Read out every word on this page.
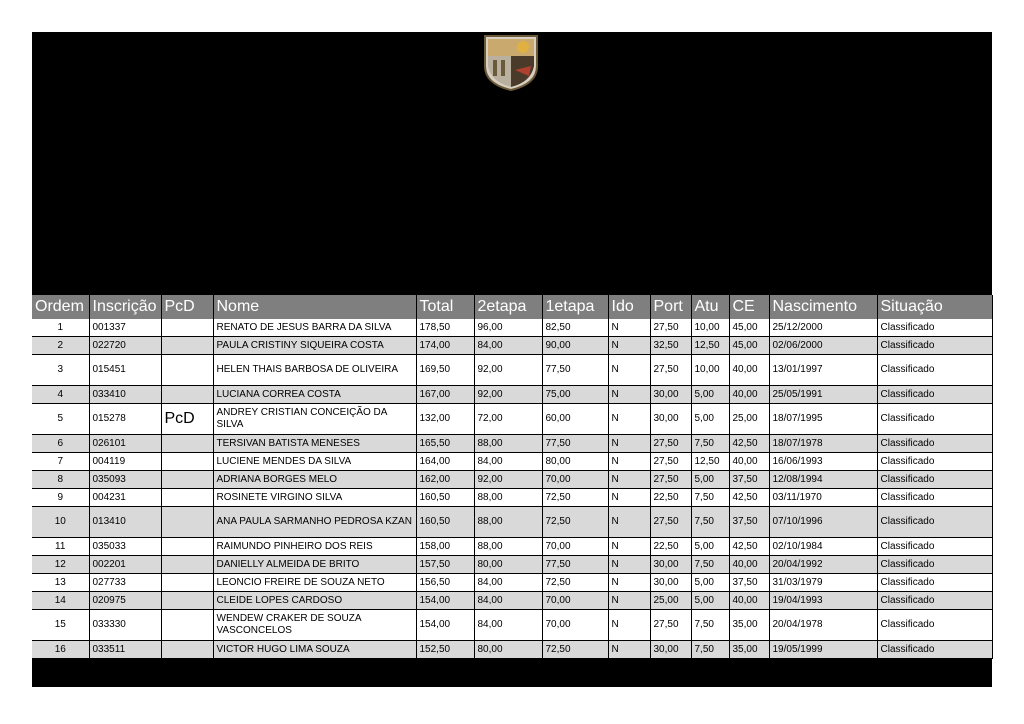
Ordem	Inscrição	PcD	Nome	Total	2etapa	1etapa	Ido	Port	Atu	CE	Nascimento	Situação
1	001337		RENATO DE JESUS BARRA DA SILVA	178,50	96,00	82,50	N	27,50	10,00	45,00	25/12/2000	Classificado
2	022720		PAULA CRISTINY SIQUEIRA COSTA	174,00	84,00	90,00	N	32,50	12,50	45,00	02/06/2000	Classificado
3	015451		HELEN THAIS BARBOSA DE OLIVEIRA	169,50	92,00	77,50	N	27,50	10,00	40,00	13/01/1997	Classificado
4	033410		LUCIANA CORREA COSTA	167,00	92,00	75,00	N	30,00	5,00	40,00	25/05/1991	Classificado
5	015278	PcD	ANDREY CRISTIAN CONCEIÇÃO DA SILVA	132,00	72,00	60,00	N	30,00	5,00	25,00	18/07/1995	Classificado
6	026101		TERSIVAN BATISTA MENESES	165,50	88,00	77,50	N	27,50	7,50	42,50	18/07/1978	Classificado
7	004119		LUCIENE MENDES DA SILVA	164,00	84,00	80,00	N	27,50	12,50	40,00	16/06/1993	Classificado
8	035093		ADRIANA BORGES MELO	162,00	92,00	70,00	N	27,50	5,00	37,50	12/08/1994	Classificado
9	004231		ROSINETE VIRGINO SILVA	160,50	88,00	72,50	N	22,50	7,50	42,50	03/11/1970	Classificado
10	013410		ANA PAULA SARMANHO PEDROSA KZAN	160,50	88,00	72,50	N	27,50	7,50	37,50	07/10/1996	Classificado
11	035033		RAIMUNDO PINHEIRO DOS REIS	158,00	88,00	70,00	N	22,50	5,00	42,50	02/10/1984	Classificado
12	002201		DANIELLY ALMEIDA DE BRITO	157,50	80,00	77,50	N	30,00	7,50	40,00	20/04/1992	Classificado
13	027733		LEONCIO FREIRE DE SOUZA NETO	156,50	84,00	72,50	N	30,00	5,00	37,50	31/03/1979	Classificado
14	020975		CLEIDE LOPES CARDOSO	154,00	84,00	70,00	N	25,00	5,00	40,00	19/04/1993	Classificado
15	033330		WENDEW CRAKER DE SOUZA VASCONCELOS	154,00	84,00	70,00	N	27,50	7,50	35,00	20/04/1978	Classificado
16	033511		VICTOR HUGO LIMA SOUZA	152,50	80,00	72,50	N	30,00	7,50	35,00	19/05/1999	Classificado
